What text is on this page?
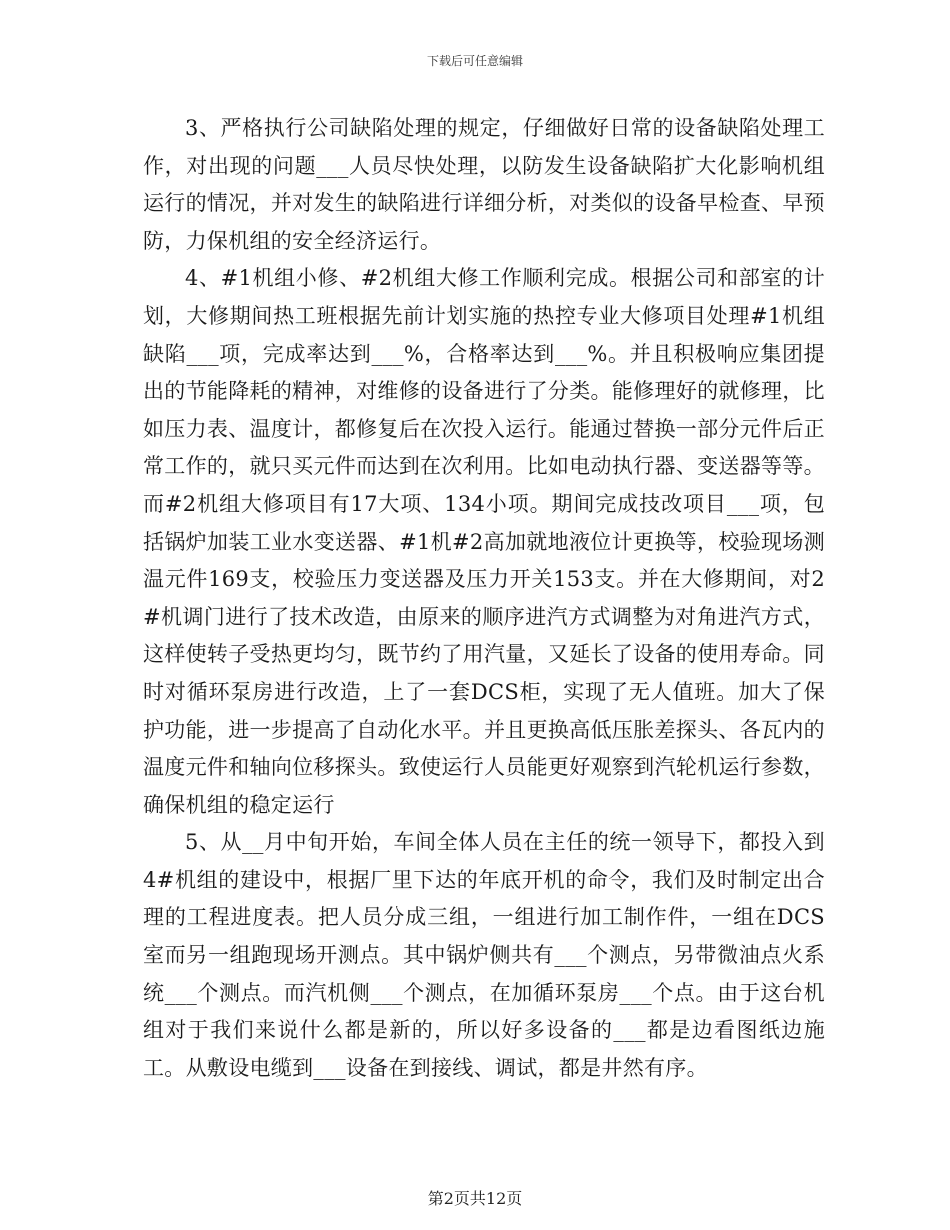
下载后可任意编辑

3、严格执行公司缺陷处理的规定，仔细做好日常的设备缺陷处理工作，对出现的问题___人员尽快处理，以防发生设备缺陷扩大化影响机组运行的情况，并对发生的缺陷进行详细分析，对类似的设备早检查、早预防，力保机组的安全经济运行。

4、#1机组小修、#2机组大修工作顺利完成。根据公司和部室的计划，大修期间热工班根据先前计划实施的热控专业大修项目处理#1机组缺陷___项，完成率达到___%，合格率达到___%。并且积极响应集团提出的节能降耗的精神，对维修的设备进行了分类。能修理好的就修理，比如压力表、温度计，都修复后在次投入运行。能通过替换一部分元件后正常工作的，就只买元件而达到在次利用。比如电动执行器、变送器等等。而#2机组大修项目有17大项、134小项。期间完成技改项目___项，包括锅炉加装工业水变送器、#1机#2高加就地液位计更换等，校验现场测温元件169支，校验压力变送器及压力开关153支。并在大修期间，对2#机调门进行了技术改造，由原来的顺序进汽方式调整为对角进汽方式，这样使转子受热更均匀，既节约了用汽量，又延长了设备的使用寿命。同时对循环泵房进行改造，上了一套DCS柜，实现了无人值班。加大了保护功能，进一步提高了自动化水平。并且更换高低压胀差探头、各瓦内的温度元件和轴向位移探头。致使运行人员能更好观察到汽轮机运行参数，确保机组的稳定运行

5、从__月中旬开始，车间全体人员在主任的统一领导下，都投入到4#机组的建设中，根据厂里下达的年底开机的命令，我们及时制定出合理的工程进度表。把人员分成三组，一组进行加工制作件，一组在DCS室而另一组跑现场开测点。其中锅炉侧共有___个测点，另带微油点火系统___个测点。而汽机侧___个测点，在加循环泵房___个点。由于这台机组对于我们来说什么都是新的，所以好多设备的___都是边看图纸边施工。从敷设电缆到___设备在到接线、调试，都是井然有序。

第2页共12页
